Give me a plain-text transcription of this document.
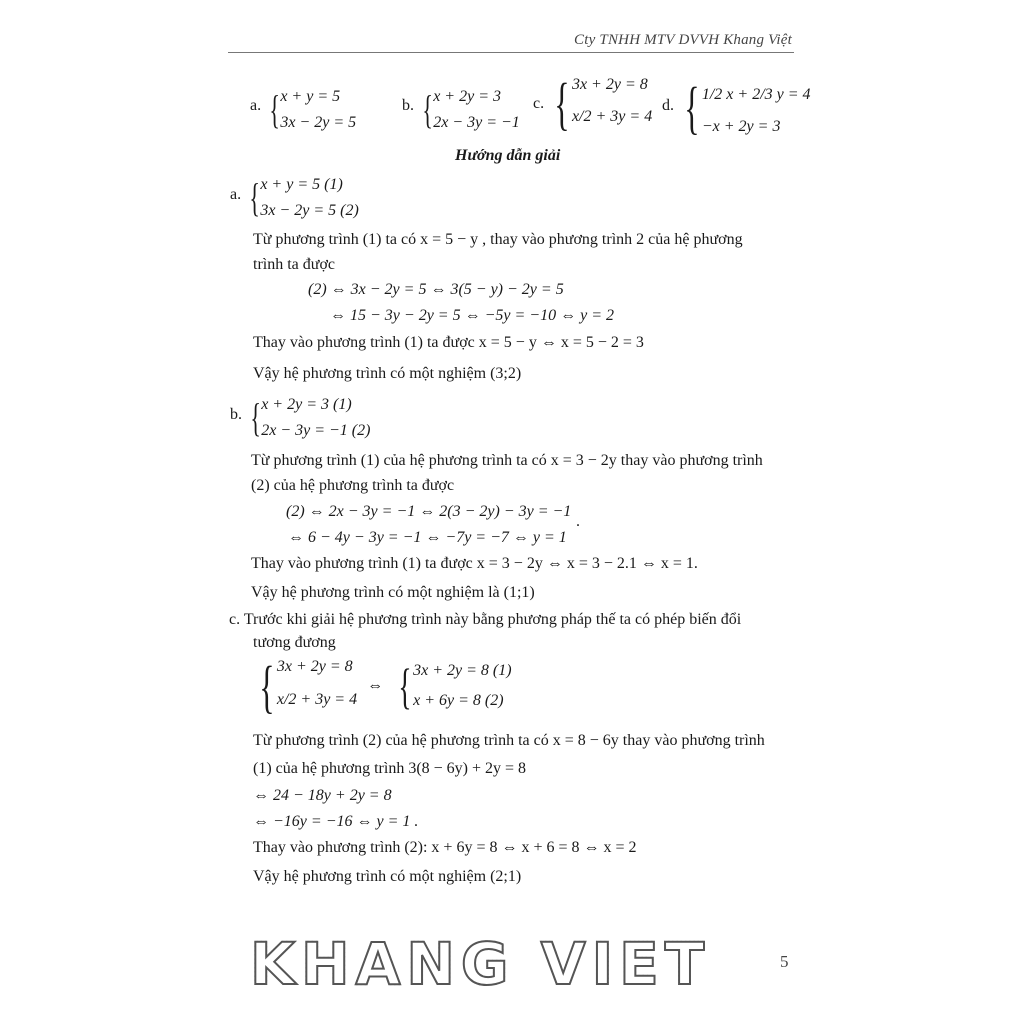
Cty TNHH MTV DVVH Khang Việt
a. { x + y = 5
3x − 2y = 5
b. { x + 2y = 3
2x − 3y = −1
c. { 3x + 2y = 8
x/2 + 3y = 4
d. { 1/2 x + 2/3 y = 4
−x + 2y = 3
Hướng dẫn giải
a. { x + y = 5 (1)
3x − 2y = 5 (2)
Từ phương trình (1) ta có x = 5 − y , thay vào phương trình 2 của hệ phương
trình ta được
(2) ⇔ 3x − 2y = 5 ⇔ 3(5 − y) − 2y = 5
⇔ 15 − 3y − 2y = 5 ⇔ −5y = −10 ⇔ y = 2
Thay vào phương trình (1) ta được x = 5 − y ⇔ x = 5 − 2 = 3
Vậy hệ phương trình có một nghiệm (3;2)
b. { x + 2y = 3 (1)
2x − 3y = −1 (2)
Từ phương trình (1) của hệ phương trình ta có x = 3 − 2y thay vào phương trình
(2) của hệ phương trình ta được
(2) ⇔ 2x − 3y = −1 ⇔ 2(3 − 2y) − 3y = −1
⇔ 6 − 4y − 3y = −1 ⇔ −7y = −7 ⇔ y = 1
.
Thay vào phương trình (1) ta được x = 3 − 2y ⇔ x = 3 − 2.1 ⇔ x = 1.
Vậy hệ phương trình có một nghiệm là (1;1)
c. Trước khi giải hệ phương trình này bằng phương pháp thế ta có phép biến đổi
tương đương
{ 3x + 2y = 8
x/2 + 3y = 4
⇔ { 3x + 2y = 8 (1)
x + 6y = 8 (2)
Từ phương trình (2) của hệ phương trình ta có x = 8 − 6y thay vào phương trình
(1) của hệ phương trình 3(8 − 6y) + 2y = 8
⇔ 24 − 18y + 2y = 8
⇔ −16y = −16 ⇔ y = 1 .
Thay vào phương trình (2): x + 6y = 8 ⇔ x + 6 = 8 ⇔ x = 2
Vậy hệ phương trình có một nghiệm (2;1)
KHANG VIET	5
